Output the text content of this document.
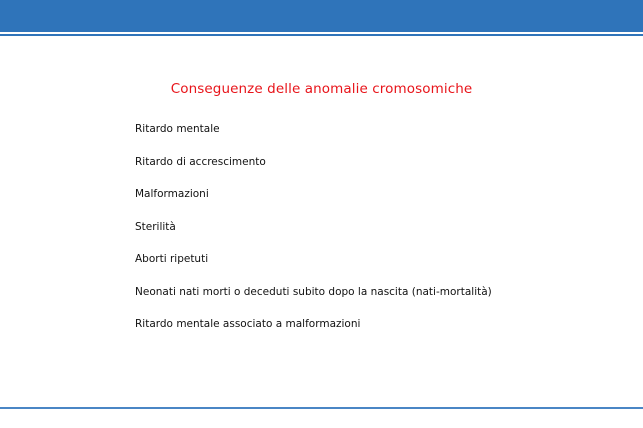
Conseguenze delle anomalie cromosomiche
Ritardo mentale
Ritardo di accrescimento
Malformazioni
Sterilità
Aborti ripetuti
Neonati nati morti o deceduti subito dopo la nascita (nati-mortalità)
Ritardo mentale associato a malformazioni
